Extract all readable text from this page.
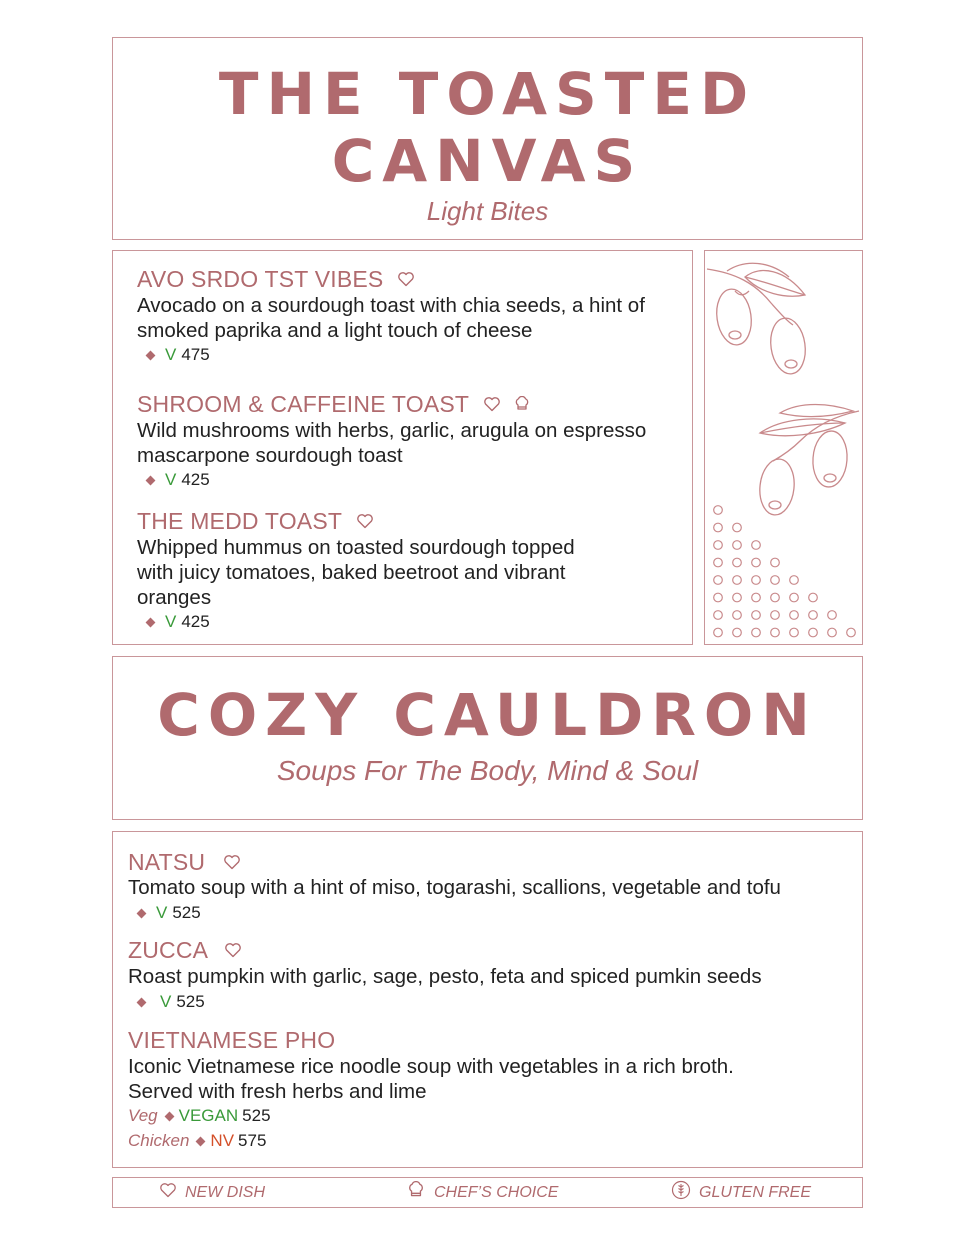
THE TOASTED
CANVAS
Light Bites
AVO SRDO TST VIBES
Avocado on a sourdough toast with chia seeds, a hint of smoked paprika and a light touch of cheese
V 475
SHROOM & CAFFEINE TOAST
Wild mushrooms with herbs, garlic, arugula on espresso mascarpone sourdough toast
V 425
THE MEDD TOAST
Whipped hummus on toasted sourdough topped with juicy tomatoes, baked beetroot and vibrant oranges
V 425
COZY CAULDRON
Soups For The Body, Mind & Soul
NATSU
Tomato soup with a hint of miso, togarashi, scallions, vegetable and tofu
V 525
ZUCCA
Roast pumpkin with garlic, sage, pesto, feta and spiced pumkin seeds
V 525
VIETNAMESE PHO
Iconic Vietnamese rice noodle soup with vegetables in a rich broth. Served with fresh herbs and lime
Veg VEGAN 525
Chicken NV 575
NEW DISH	CHEF’S CHOICE	GLUTEN FREE
